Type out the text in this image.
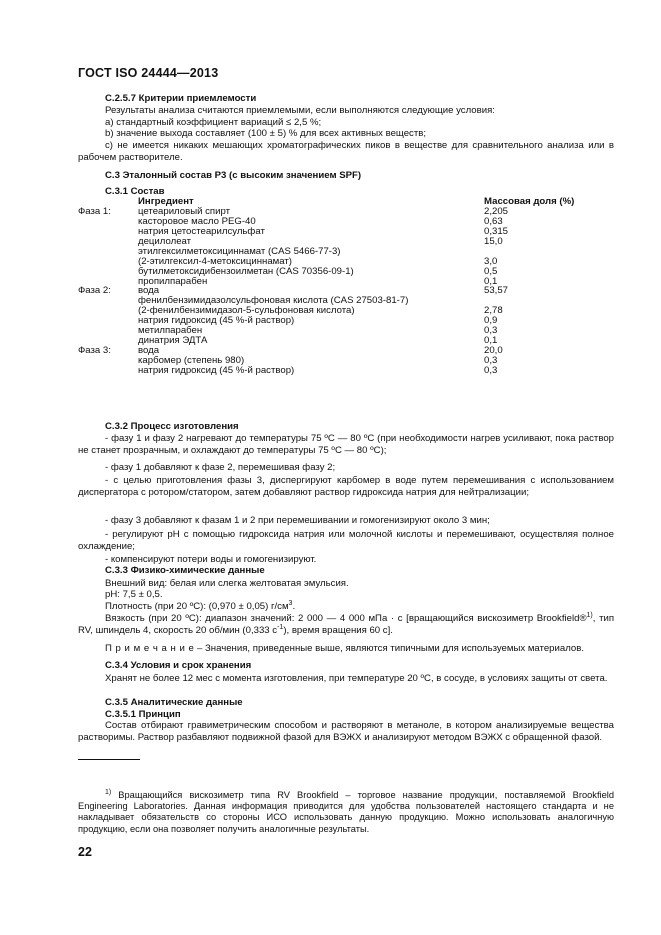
ГОСТ ISO 24444—2013
C.2.5.7 Критерии приемлемости
Результаты анализа считаются приемлемыми, если выполняются следующие условия:
а) стандартный коэффициент вариаций ≤ 2,5 %;
b) значение выхода составляет (100 ± 5) % для всех активных веществ;
с) не имеется никаких мешающих хроматографических пиков в веществе для сравнительного анализа или в рабочем растворителе.
C.3 Эталонный состав Р3 (с высоким значением SPF)
C.3.1 Состав
Ингредиент	Массовая доля (%)
Фаза 1:	цетеариловый спирт	2,205
касторовое масло PEG-40	0,63
натрия цетостеарилсульфат	0,315
децилолеат	15,0
этилгексилметоксициннамат (CAS 5466-77-3)
(2-этилгексил-4-метоксициннамат)	3,0
бутилметоксидибензоилметан (CAS 70356-09-1)	0,5
пропилпарабен	0,1
Фаза 2:	вода	53,57
фенилбензимидазолсульфоновая кислота (CAS 27503-81-7)
(2-фенилбензимидазол-5-сульфоновая кислота)	2,78
натрия гидроксид (45 %-й раствор)	0,9
метилпарабен	0,3
динатрия ЭДТА	0,1
Фаза 3:	вода	20,0
карбомер (степень 980)	0,3
натрия гидроксид (45 %-й раствор)	0,3
C.3.2 Процесс изготовления
- фазу 1 и фазу 2 нагревают до температуры 75 ºС — 80 ºС (при необходимости нагрев усиливают, пока раствор не станет прозрачным, и охлаждают до температуры 75 ºС — 80 ºС);
- фазу 1 добавляют к фазе 2, перемешивая фазу 2;
- с целью приготовления фазы 3, диспергируют карбомер в воде путем перемешивания с использованием диспергатора с ротором/статором, затем добавляют раствор гидроксида натрия для нейтрализации;
- фазу 3 добавляют к фазам 1 и 2 при перемешивании и гомогенизируют около 3 мин;
- регулируют pH с помощью гидроксида натрия или молочной кислоты и перемешивают, осуществляя полное охлаждение;
- компенсируют потери воды и гомогенизируют.
C.3.3 Физико-химические данные
Внешний вид: белая или слегка желтоватая эмульсия.
pH: 7,5 ± 0,5.
Плотность (при 20 ºС): (0,970 ± 0,05) $г/см^3$.
Вязкость (при 20 ºС): диапазон значений: 2 000 — 4 000 мПа · с [вращающийся вискозиметр Brookfield®$^{1)}$, тип RV, шпиндель 4, скорость 20 об/мин (0,333 $с^{-1}$), время вращения 60 с].
П р и м е ч а н и е – Значения, приведенные выше, являются типичными для используемых материалов.
C.3.4 Условия и срок хранения
Хранят не более 12 мес с момента изготовления, при температуре 20 ºС, в сосуде, в условиях защиты от света.
C.3.5 Аналитические данные
C.3.5.1 Принцип
Состав отбирают гравиметрическим способом и растворяют в метаноле, в котором анализируемые вещества растворимы. Раствор разбавляют подвижной фазой для ВЭЖХ и анализируют методом ВЭЖХ с обращенной фазой.
$^{1)}$ Вращающийся вискозиметр типа RV Brookfield – торговое название продукции, поставляемой Brookfield Engineering Laboratories. Данная информация приводится для удобства пользователей настоящего стандарта и не накладывает обязательств со стороны ИСО использовать данную продукцию. Можно использовать аналогичную продукцию, если она позволяет получить аналогичные результаты.
22
